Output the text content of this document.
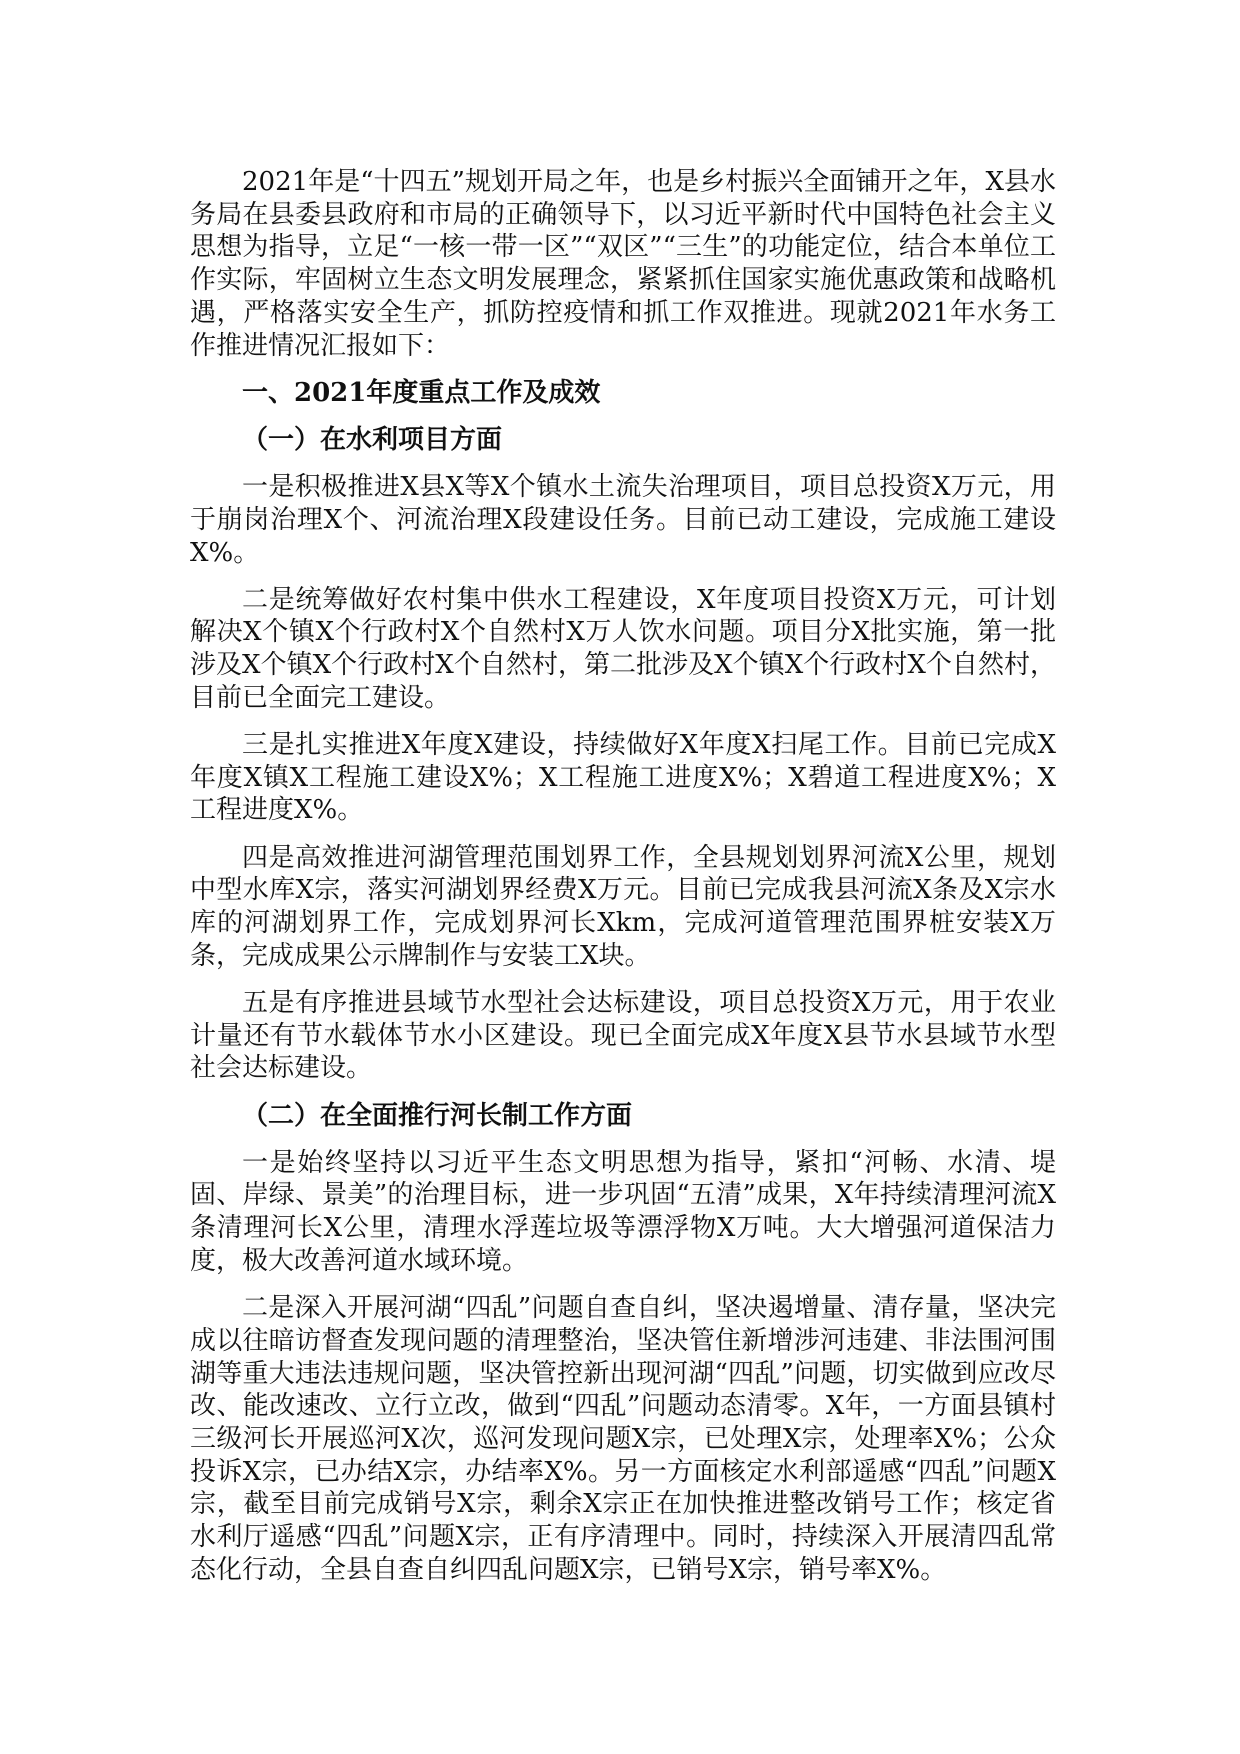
2021年是“十四五”规划开局之年，也是乡村振兴全面铺开之年，X县水务局在县委县政府和市局的正确领导下，以习近平新时代中国特色社会主义思想为指导，立足“一核一带一区”“双区”“三生”的功能定位，结合本单位工作实际，牢固树立生态文明发展理念，紧紧抓住国家实施优惠政策和战略机遇，严格落实安全生产，抓防控疫情和抓工作双推进。现就2021年水务工作推进情况汇报如下：

一、2021年度重点工作及成效

（一）在水利项目方面

一是积极推进X县X等X个镇水土流失治理项目，项目总投资X万元，用于崩岗治理X个、河流治理X段建设任务。目前已动工建设，完成施工建设X%。

二是统筹做好农村集中供水工程建设，X年度项目投资X万元，可计划解决X个镇X个行政村X个自然村X万人饮水问题。项目分X批实施，第一批涉及X个镇X个行政村X个自然村，第二批涉及X个镇X个行政村X个自然村，目前已全面完工建设。

三是扎实推进X年度X建设，持续做好X年度X扫尾工作。目前已完成X年度X镇X工程施工建设X%；X工程施工进度X%；X碧道工程进度X%；X工程进度X%。

四是高效推进河湖管理范围划界工作，全县规划划界河流X公里，规划中型水库X宗，落实河湖划界经费X万元。目前已完成我县河流X条及X宗水库的河湖划界工作，完成划界河长Xkm，完成河道管理范围界桩安装X万条，完成成果公示牌制作与安装工X块。

五是有序推进县域节水型社会达标建设，项目总投资X万元，用于农业计量还有节水载体节水小区建设。现已全面完成X年度X县节水县域节水型社会达标建设。

（二）在全面推行河长制工作方面

一是始终坚持以习近平生态文明思想为指导，紧扣“河畅、水清、堤固、岸绿、景美”的治理目标，进一步巩固“五清”成果，X年持续清理河流X条清理河长X公里，清理水浮莲垃圾等漂浮物X万吨。大大增强河道保洁力度，极大改善河道水域环境。

二是深入开展河湖“四乱”问题自查自纠，坚决遏增量、清存量，坚决完成以往暗访督查发现问题的清理整治，坚决管住新增涉河违建、非法围河围湖等重大违法违规问题，坚决管控新出现河湖“四乱”问题，切实做到应改尽改、能改速改、立行立改，做到“四乱”问题动态清零。X年，一方面县镇村三级河长开展巡河X次，巡河发现问题X宗，已处理X宗，处理率X%；公众投诉X宗，已办结X宗，办结率X%。另一方面核定水利部遥感“四乱”问题X宗，截至目前完成销号X宗，剩余X宗正在加快推进整改销号工作；核定省水利厅遥感“四乱”问题X宗，正有序清理中。同时，持续深入开展清四乱常态化行动，全县自查自纠四乱问题X宗，已销号X宗，销号率X%。
